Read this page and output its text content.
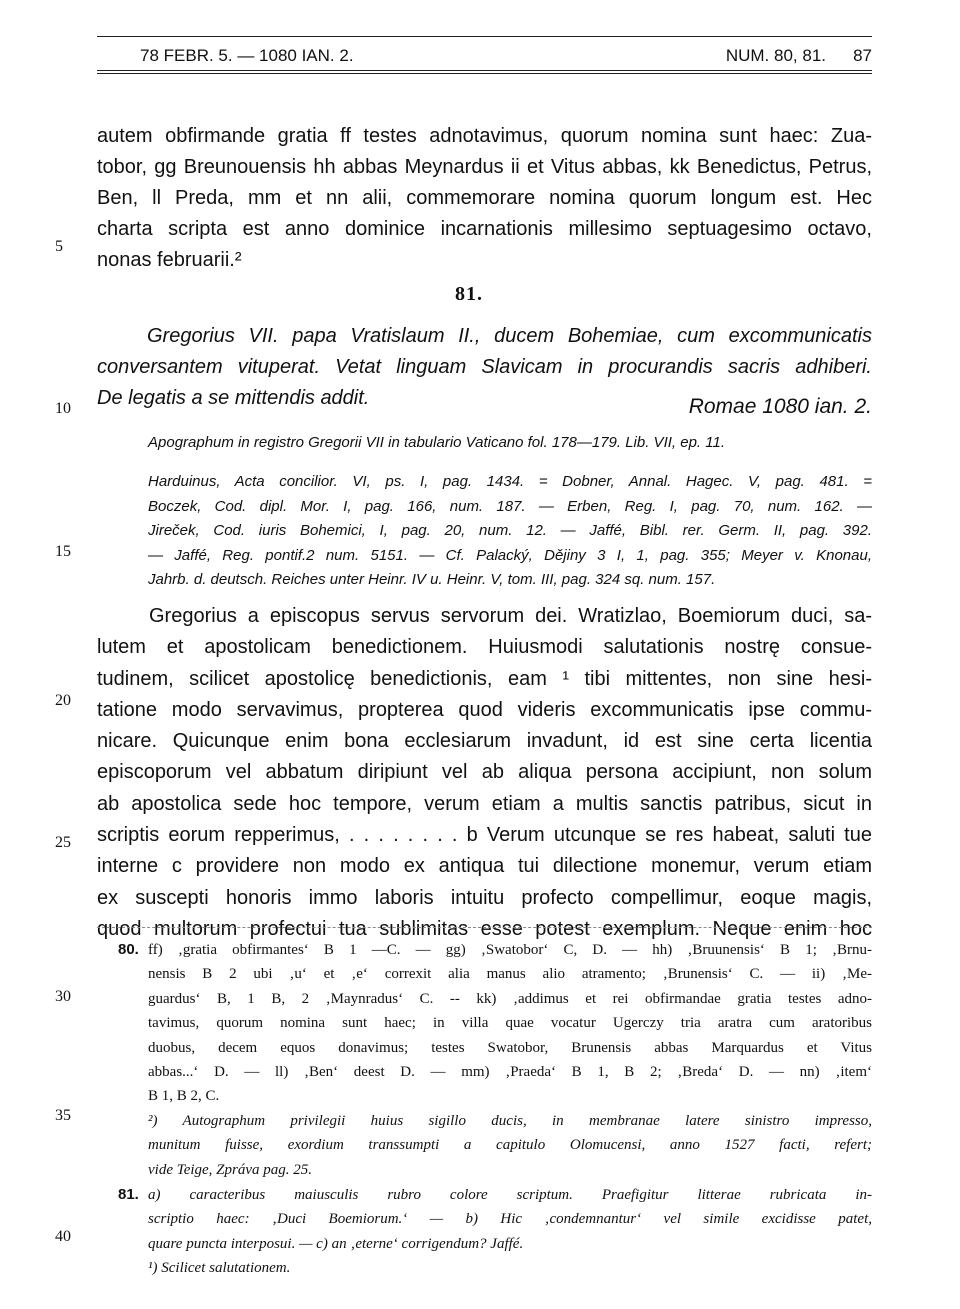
78 FEBR. 5. — 1080 IAN. 2.	NUM. 80, 81. 87
5
10
15
20
25
30
35
40
autem obfirmande gratia ff testes adnotavimus, quorum nomina sunt haec: Zua-
tobor, gg Breunouensis hh abbas Meynardus ii et Vitus abbas, kk Benedictus, Petrus,
Ben, ll Preda, mm et nn alii, commemorare nomina quorum longum est. Hec
charta scripta est anno dominice incarnationis millesimo septuagesimo octavo,
nonas februarii.²
81.
Gregorius VII. papa Vratislaum II., ducem Bohemiae, cum excommunicatis
conversantem vituperat. Vetat linguam Slavicam in procurandis sacris adhiberi.
De legatis a se mittendis addit.	Romae 1080 ian. 2.
Apographum in registro Gregorii VII in tabulario Vaticano fol. 178—179. Lib. VII, ep. 11.
Harduinus, Acta concilior. VI, ps. I, pag. 1434. = Dobner, Annal. Hagec. V, pag. 481. =
Boczek, Cod. dipl. Mor. I, pag. 166, num. 187. — Erben, Reg. I, pag. 70, num. 162. —
Jireček, Cod. iuris Bohemici, I, pag. 20, num. 12. — Jaffé, Bibl. rer. Germ. II, pag. 392.
— Jaffé, Reg. pontif.2 num. 5151. — Cf. Palacký, Dějiny 3 I, 1, pag. 355; Meyer v. Knonau,
Jahrb. d. deutsch. Reiches unter Heinr. IV u. Heinr. V, tom. III, pag. 324 sq. num. 157.
Gregorius a episcopus servus servorum dei. Wratizlao, Boemiorum duci, sa-
lutem et apostolicam benedictionem. Huiusmodi salutationis nostrę consue-
tudinem, scilicet apostolicę benedictionis, eam ¹ tibi mittentes, non sine hesi-
tatione modo servavimus, propterea quod videris excommunicatis ipse commu-
nicare. Quicunque enim bona ecclesiarum invadunt, id est sine certa licentia
episcoporum vel abbatum diripiunt vel ab aliqua persona accipiunt, non solum
ab apostolica sede hoc tempore, verum etiam a multis sanctis patribus, sicut in
scriptis eorum repperimus, . . . . . . . . b Verum utcunque se res habeat, saluti tue
interne c providere non modo ex antiqua tui dilectione monemur, verum etiam
ex suscepti honoris immo laboris intuitu profecto compellimur, eoque magis,
quod multorum profectui tua sublimitas esse potest exemplum. Neque enim hoc
80. ff) ‚gratia obfirmantes‘ B 1 —C. — gg) ‚Swatobor‘ C, D. — hh) ‚Bruunensis‘ B 1; ‚Brnu-
nensis B 2 ubi ‚u‘ et ‚e‘ correxit alia manus alio atramento; ‚Brunensis‘ C. — ii) ‚Me-
guardus‘ B, 1 B, 2 ‚Maynradus‘ C. -- kk) ‚addimus et rei obfirmandae gratia testes adno-
tavimus, quorum nomina sunt haec; in villa quae vocatur Ugerczy tria aratra cum aratoribus
duobus, decem equos donavimus; testes Swatobor, Brunensis abbas Marquardus et Vitus
abbas...‘ D. — ll) ‚Ben‘ deest D. — mm) ‚Praeda‘ B 1, B 2; ‚Breda‘ D. — nn) ‚item‘
B 1, B 2, C.
²) Autographum privilegii huius sigillo ducis, in membranae latere sinistro impresso,
munitum fuisse, exordium transsumpti a capitulo Olomucensi, anno 1527 facti, refert;
vide Teige, Zpráva pag. 25.
81. a) caracteribus maiusculis rubro colore scriptum. Praefigitur litterae rubricata in-
scriptio haec: ‚Duci Boemiorum.‘ — b) Hic ‚condemnantur‘ vel simile excidisse patet,
quare puncta interposui. — c) an ‚eterne‘ corrigendum? Jaffé.
¹) Scilicet salutationem.
